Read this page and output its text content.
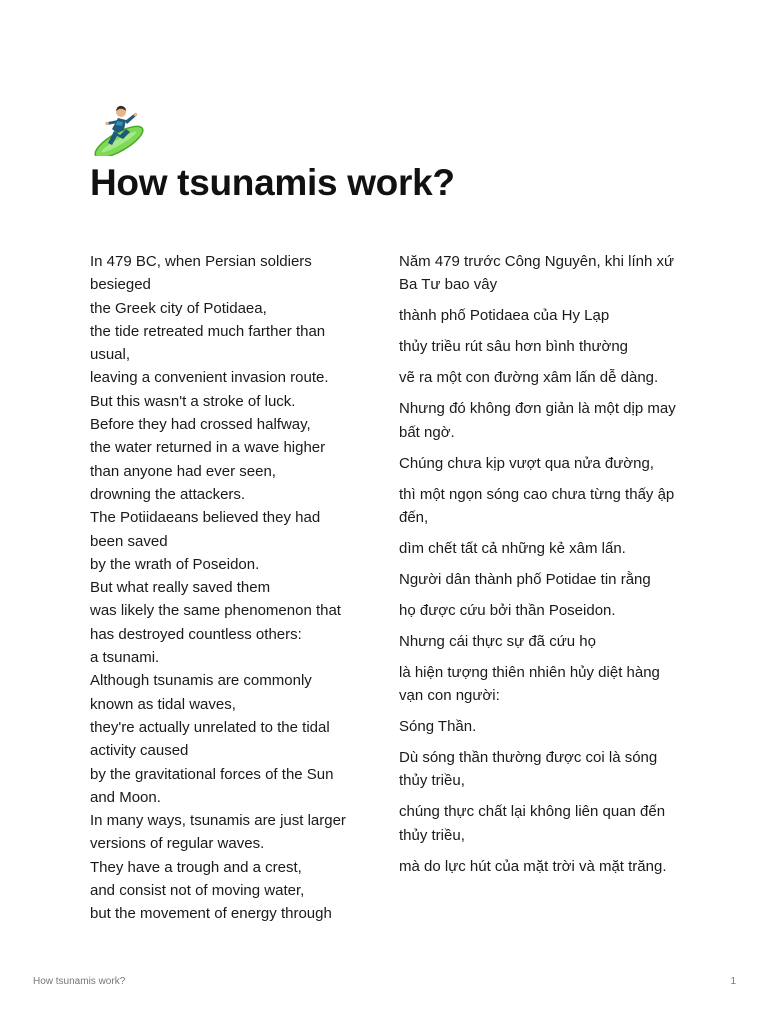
How tsunamis work?
In 479 BC, when Persian soldiers
besieged
the Greek city of Potidaea,
the tide retreated much farther than
usual,
leaving a convenient invasion route.
But this wasn't a stroke of luck.
Before they had crossed halfway,
the water returned in a wave higher
than anyone had ever seen,
drowning the attackers.
The Potiidaeans believed they had
been saved
by the wrath of Poseidon.
But what really saved them
was likely the same phenomenon that
has destroyed countless others:
a tsunami.
Although tsunamis are commonly
known as tidal waves,
they're actually unrelated to the tidal
activity caused
by the gravitational forces of the Sun
and Moon.
In many ways, tsunamis are just larger
versions of regular waves.
They have a trough and a crest,
and consist not of moving water,
but the movement of energy through
Năm 479 trước Công Nguyên, khi lính xứ Ba Tư bao vây
thành phố Potidaea của Hy Lạp
thủy triều rút sâu hơn bình thường
vẽ ra một con đường xâm lấn dễ dàng.
Nhưng đó không đơn giản là một dịp may bất ngờ.
Chúng chưa kịp vượt qua nửa đường,
thì một ngọn sóng cao chưa từng thấy ập đến,
dìm chết tất cả những kẻ xâm lấn.
Người dân thành phố Potidae tin rằng
họ được cứu bởi thần Poseidon.
Nhưng cái thực sự đã cứu họ
là hiện tượng thiên nhiên hủy diệt hàng vạn con người:
Sóng Thần.
Dù sóng thần thường được coi là sóng thủy triều,
chúng thực chất lại không liên quan đến thủy triều,
mà do lực hút của mặt trời và mặt trăng.
How tsunamis work?	1
